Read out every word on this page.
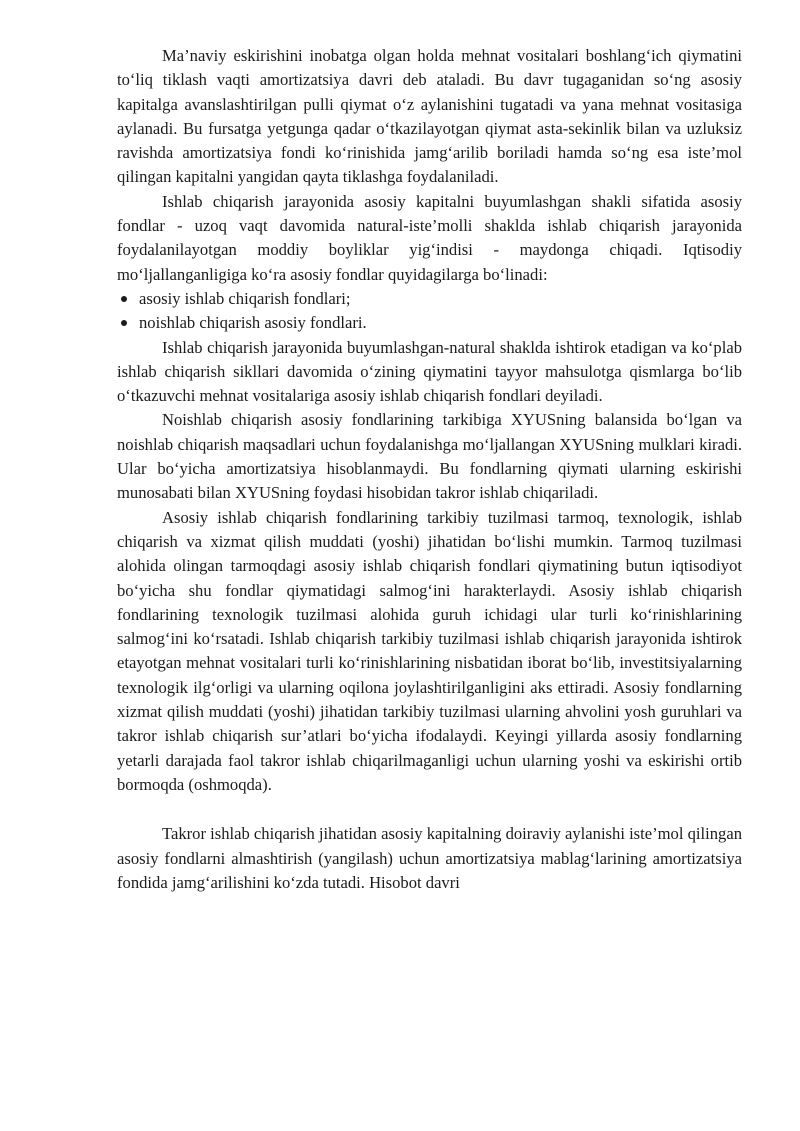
Ma’naviy eskirishini inobatga olgan holda mehnat vositalari boshlang‘ich qiymatini to‘liq tiklash vaqti amortizatsiya davri deb ataladi. Bu davr tugaganidan so‘ng asosiy kapitalga avanslashtirilgan pulli qiymat o‘z aylanishini tugatadi va yana mehnat vositasiga aylanadi. Bu fursatga yetgunga qadar o‘tkazilayotgan qiymat asta-sekinlik bilan va uzluksiz ravishda amortizatsiya fondi ko‘rinishida jamg‘arilib boriladi hamda so‘ng esa iste’mol qilingan kapitalni yangidan qayta tiklashga foydalaniladi.

Ishlab chiqarish jarayonida asosiy kapitalni buyumlashgan shakli sifatida asosiy fondlar - uzoq vaqt davomida natural-iste’molli shaklda ishlab chiqarish jarayonida foydalanilayotgan moddiy boyliklar yig‘indisi - maydonga chiqadi. Iqtisodiy mo‘ljallanganligiga ko‘ra asosiy fondlar quyidagilarga bo‘linadi:

asosiy ishlab chiqarish fondlari;
noishlab chiqarish asosiy fondlari.

Ishlab chiqarish jarayonida buyumlashgan-natural shaklda ishtirok etadigan va ko‘plab ishlab chiqarish sikllari davomida o‘zining qiymatini tayyor mahsulotga qismlarga bo‘lib o‘tkazuvchi mehnat vositalariga asosiy ishlab chiqarish fondlari deyiladi.

Noishlab chiqarish asosiy fondlarining tarkibiga XYUSning balansida bo‘lgan va noishlab chiqarish maqsadlari uchun foydalanishga mo‘ljallangan XYUSning mulklari kiradi. Ular bo‘yicha amortizatsiya hisoblanmaydi. Bu fondlarning qiymati ularning eskirishi munosabati bilan XYUSning foydasi hisobidan takror ishlab chiqariladi.

Asosiy ishlab chiqarish fondlarining tarkibiy tuzilmasi tarmoq, texnologik, ishlab chiqarish va xizmat qilish muddati (yoshi) jihatidan bo‘lishi mumkin. Tarmoq tuzilmasi alohida olingan tarmoqdagi asosiy ishlab chiqarish fondlari qiymatining butun iqtisodiyot bo‘yicha shu fondlar qiymatidagi salmog‘ini harakterlaydi. Asosiy ishlab chiqarish fondlarining texnologik tuzilmasi alohida guruh ichidagi ular turli ko‘rinishlarining salmog‘ini ko‘rsatadi. Ishlab chiqarish tarkibiy tuzilmasi ishlab chiqarish jarayonida ishtirok etayotgan mehnat vositalari turli ko‘rinishlarining nisbatidan iborat bo‘lib, investitsiyalarning texnologik ilg‘orligi va ularning oqilona joylashtirilganligini aks ettiradi. Asosiy fondlarning xizmat qilish muddati (yoshi) jihatidan tarkibiy tuzilmasi ularning ahvolini yosh guruhlari va takror ishlab chiqarish sur’atlari bo‘yicha ifodalaydi. Keyingi yillarda asosiy fondlarning yetarli darajada faol takror ishlab chiqarilmaganligi uchun ularning yoshi va eskirishi ortib bormoqda (oshmoqda).

Takror ishlab chiqarish jihatidan asosiy kapitalning doiraviy aylanishi iste’mol qilingan asosiy fondlarni almashtirish (yangilash) uchun amortizatsiya mablag‘larining amortizatsiya fondida jamg‘arilishini ko‘zda tutadi. Hisobot davri
